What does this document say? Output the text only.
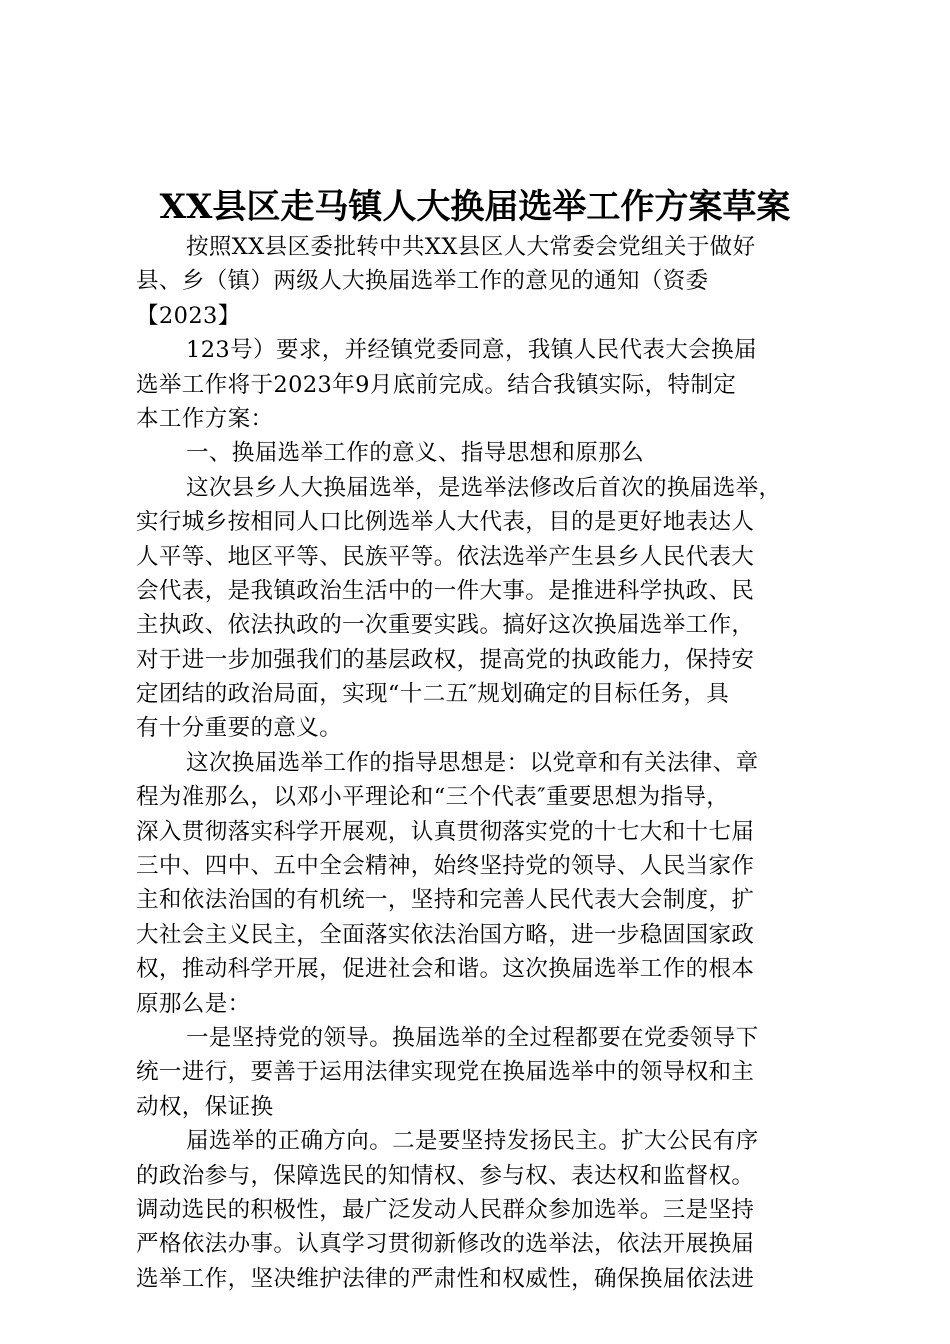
XX县区走马镇人大换届选举工作方案草案
按照XX县区委批转中共XX县区人大常委会党组关于做好
县、乡（镇）两级人大换届选举工作的意见的通知（资委
【2023】
123号）要求，并经镇党委同意，我镇人民代表大会换届
选举工作将于2023年9月底前完成。结合我镇实际，特制定
本工作方案：
一、换届选举工作的意义、指导思想和原那么
这次县乡人大换届选举，是选举法修改后首次的换届选举，
实行城乡按相同人口比例选举人大代表，目的是更好地表达人
人平等、地区平等、民族平等。依法选举产生县乡人民代表大
会代表，是我镇政治生活中的一件大事。是推进科学执政、民
主执政、依法执政的一次重要实践。搞好这次换届选举工作，
对于进一步加强我们的基层政权，提高党的执政能力，保持安
定团结的政治局面，实现“十二五″规划确定的目标任务，具
有十分重要的意义。
这次换届选举工作的指导思想是：以党章和有关法律、章
程为准那么，以邓小平理论和“三个代表″重要思想为指导，
深入贯彻落实科学开展观，认真贯彻落实党的十七大和十七届
三中、四中、五中全会精神，始终坚持党的领导、人民当家作
主和依法治国的有机统一，坚持和完善人民代表大会制度，扩
大社会主义民主，全面落实依法治国方略，进一步稳固国家政
权，推动科学开展，促进社会和谐。这次换届选举工作的根本
原那么是：
一是坚持党的领导。换届选举的全过程都要在党委领导下
统一进行，要善于运用法律实现党在换届选举中的领导权和主
动权，保证换
届选举的正确方向。二是要坚持发扬民主。扩大公民有序
的政治参与，保障选民的知情权、参与权、表达权和监督权。
调动选民的积极性，最广泛发动人民群众参加选举。三是坚持
严格依法办事。认真学习贯彻新修改的选举法，依法开展换届
选举工作，坚决维护法律的严肃性和权威性，确保换届依法进
